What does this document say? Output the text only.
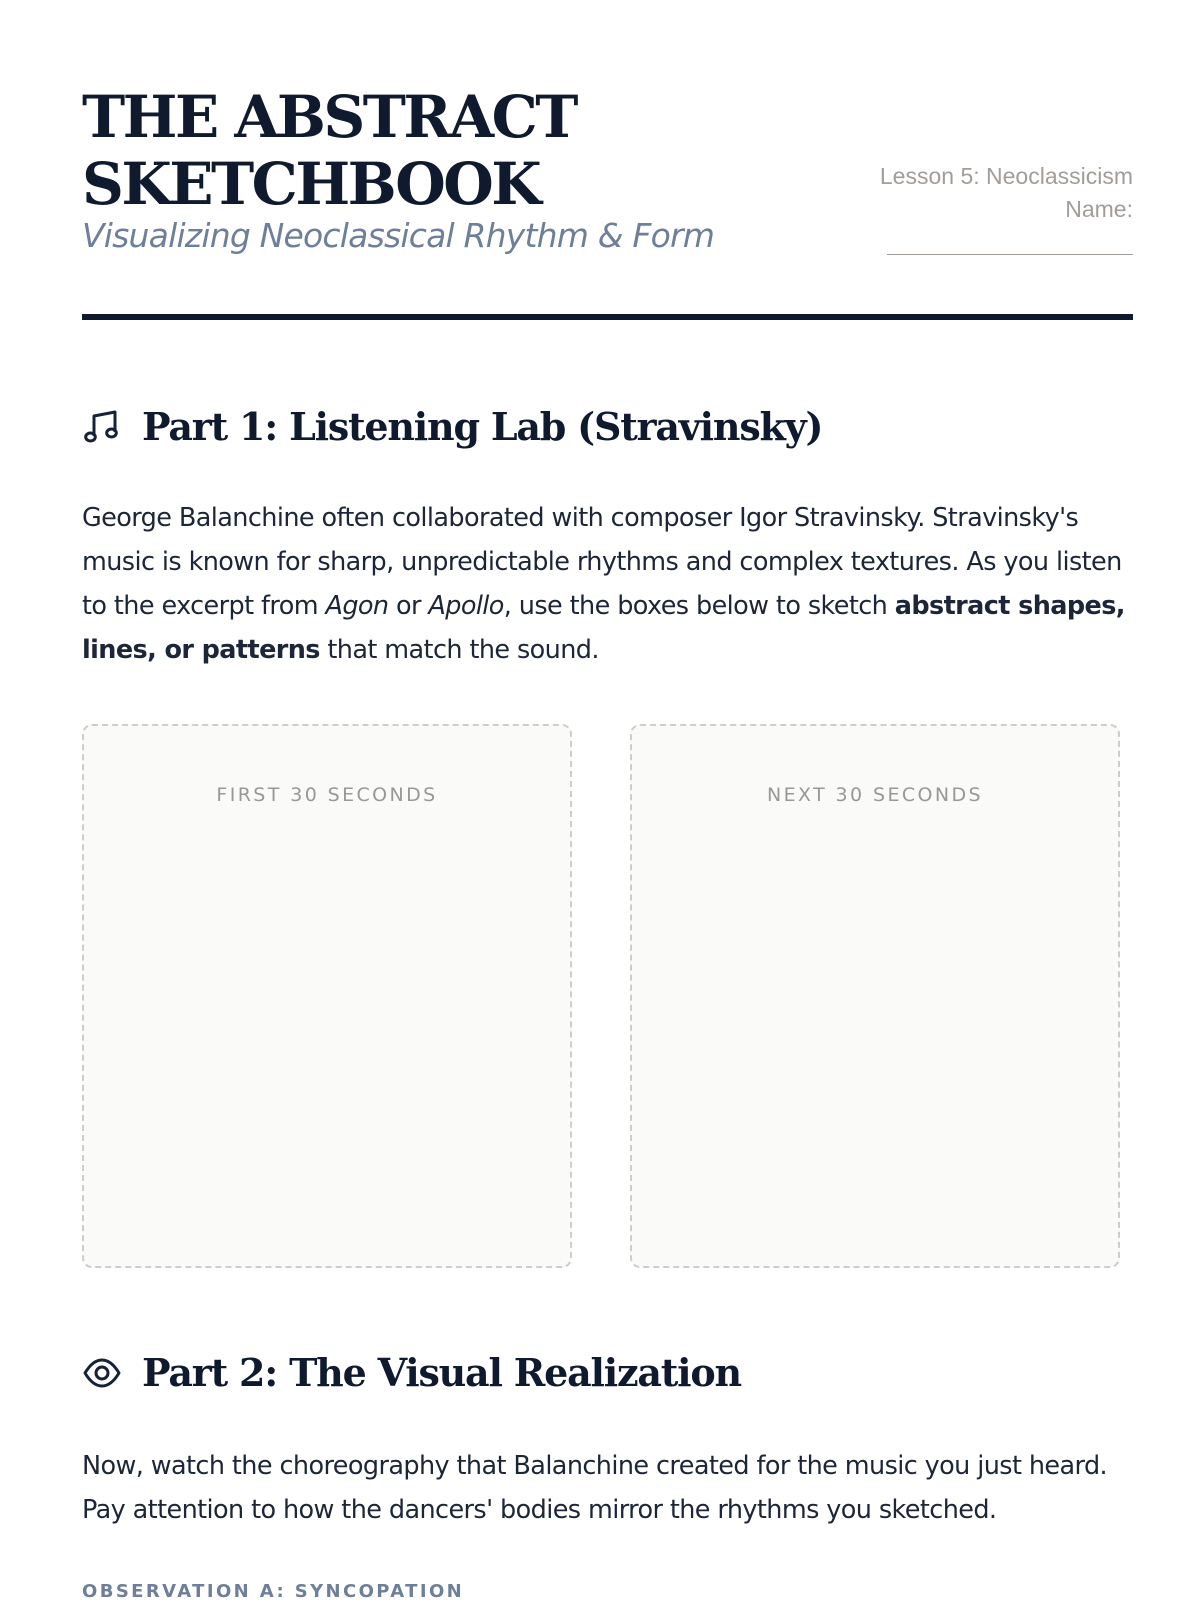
THE ABSTRACT
SKETCHBOOK
Visualizing Neoclassical Rhythm & Form
Lesson 5: Neoclassicism
Name:
Part 1: Listening Lab (Stravinsky)

George Balanchine often collaborated with composer Igor Stravinsky. Stravinsky's music is known for sharp, unpredictable rhythms and complex textures. As you listen to the excerpt from Agon or Apollo, use the boxes below to sketch abstract shapes, lines, or patterns that match the sound.

FIRST 30 SECONDS	NEXT 30 SECONDS
Part 2: The Visual Realization

Now, watch the choreography that Balanchine created for the music you just heard. Pay attention to how the dancers' bodies mirror the rhythms you sketched.

OBSERVATION A: SYNCOPATION
